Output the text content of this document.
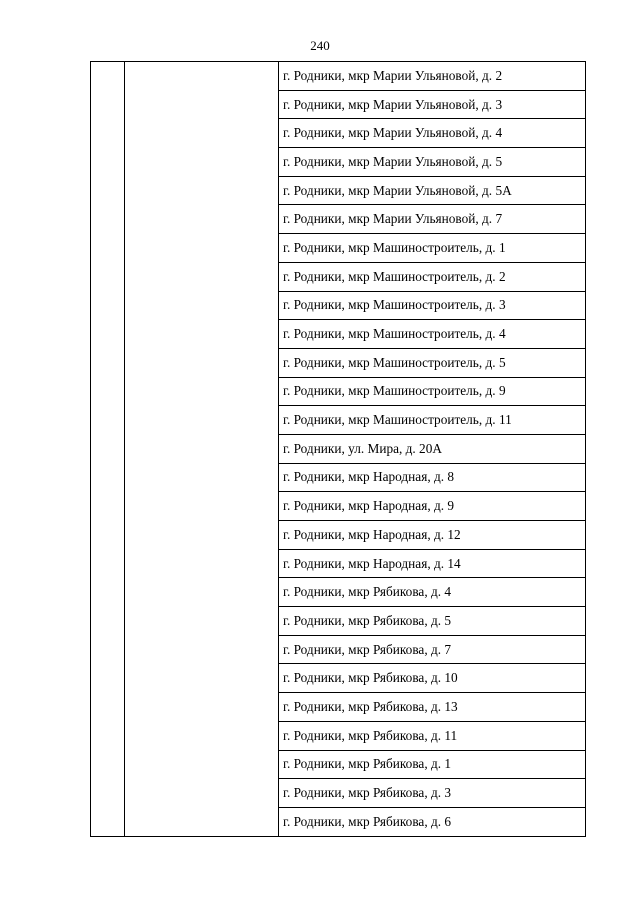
240
		г. Родники, мкр Марии Ульяновой, д. 2
г. Родники, мкр Марии Ульяновой, д. 3
г. Родники, мкр Марии Ульяновой, д. 4
г. Родники, мкр Марии Ульяновой, д. 5
г. Родники, мкр Марии Ульяновой, д. 5А
г. Родники, мкр Марии Ульяновой, д. 7
г. Родники, мкр Машиностроитель, д. 1
г. Родники, мкр Машиностроитель, д. 2
г. Родники, мкр Машиностроитель, д. 3
г. Родники, мкр Машиностроитель, д. 4
г. Родники, мкр Машиностроитель, д. 5
г. Родники, мкр Машиностроитель, д. 9
г. Родники, мкр Машиностроитель, д. 11
г. Родники, ул. Мира, д. 20А
г. Родники, мкр Народная, д. 8
г. Родники, мкр Народная, д. 9
г. Родники, мкр Народная, д. 12
г. Родники, мкр Народная, д. 14
г. Родники, мкр Рябикова, д. 4
г. Родники, мкр Рябикова, д. 5
г. Родники, мкр Рябикова, д. 7
г. Родники, мкр Рябикова, д. 10
г. Родники, мкр Рябикова, д. 13
г. Родники, мкр Рябикова, д. 11
г. Родники, мкр Рябикова, д. 1
г. Родники, мкр Рябикова, д. 3
г. Родники, мкр Рябикова, д. 6
